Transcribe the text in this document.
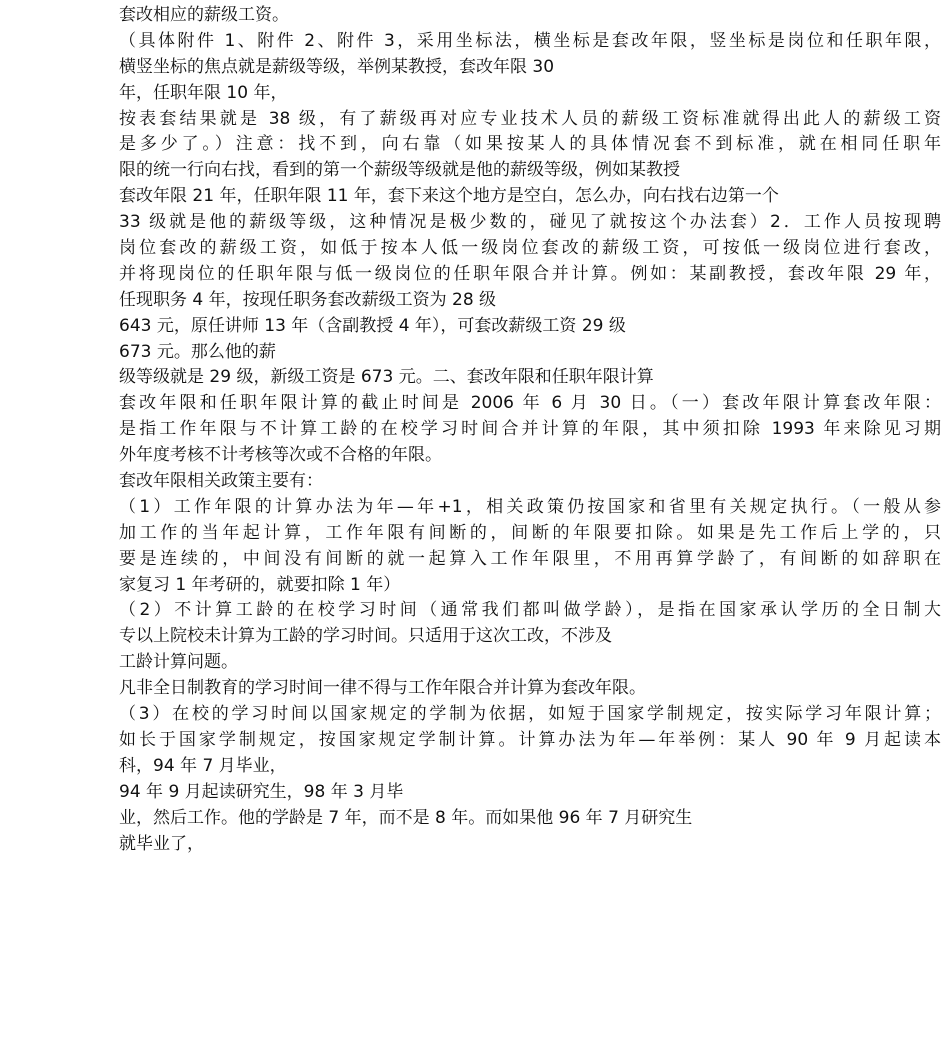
套改相应的薪级工资。
（具体附件 1、附件 2、附件 3，采用坐标法，横坐标是套改年限，竖坐标是岗位和任职年限，
横竖坐标的焦点就是薪级等级，举例某教授，套改年限 30
年，任职年限 10 年，
按表套结果就是 38 级，有了薪级再对应专业技术人员的薪级工资标准就得出此人的薪级工资
是多少了。）注意：找不到，向右靠（如果按某人的具体情况套不到标准，就在相同任职年
限的统一行向右找，看到的第一个薪级等级就是他的薪级等级，例如某教授
套改年限 21 年，任职年限 11 年，套下来这个地方是空白，怎么办，向右找右边第一个
33 级就是他的薪级等级，这种情况是极少数的，碰见了就按这个办法套）2．工作人员按现聘
岗位套改的薪级工资，如低于按本人低一级岗位套改的薪级工资，可按低一级岗位进行套改，
并将现岗位的任职年限与低一级岗位的任职年限合并计算。例如：某副教授，套改年限 29 年，
任现职务 4 年，按现任职务套改薪级工资为 28 级
643 元，原任讲师 13 年（含副教授 4 年），可套改薪级工资 29 级
673 元。那么他的薪
级等级就是 29 级，新级工资是 673 元。二、套改年限和任职年限计算
套改年限和任职年限计算的截止时间是 2006 年 6 月 30 日。（一）套改年限计算套改年限：
是指工作年限与不计算工龄的在校学习时间合并计算的年限，其中须扣除 1993 年来除见习期
外年度考核不计考核等次或不合格的年限。
套改年限相关政策主要有：
（1）工作年限的计算办法为年—年+1，相关政策仍按国家和省里有关规定执行。（一般从参
加工作的当年起计算，工作年限有间断的，间断的年限要扣除。如果是先工作后上学的，只
要是连续的，中间没有间断的就一起算入工作年限里，不用再算学龄了，有间断的如辞职在
家复习 1 年考研的，就要扣除 1 年）
（2）不计算工龄的在校学习时间（通常我们都叫做学龄），是指在国家承认学历的全日制大
专以上院校未计算为工龄的学习时间。只适用于这次工改，不涉及
工龄计算问题。
凡非全日制教育的学习时间一律不得与工作年限合并计算为套改年限。
（3）在校的学习时间以国家规定的学制为依据，如短于国家学制规定，按实际学习年限计算；
如长于国家学制规定，按国家规定学制计算。计算办法为年—年举例：某人 90 年 9 月起读本
科，94 年 7 月毕业，
94 年 9 月起读研究生，98 年 3 月毕
业，然后工作。他的学龄是 7 年，而不是 8 年。而如果他 96 年 7 月研究生
就毕业了，
